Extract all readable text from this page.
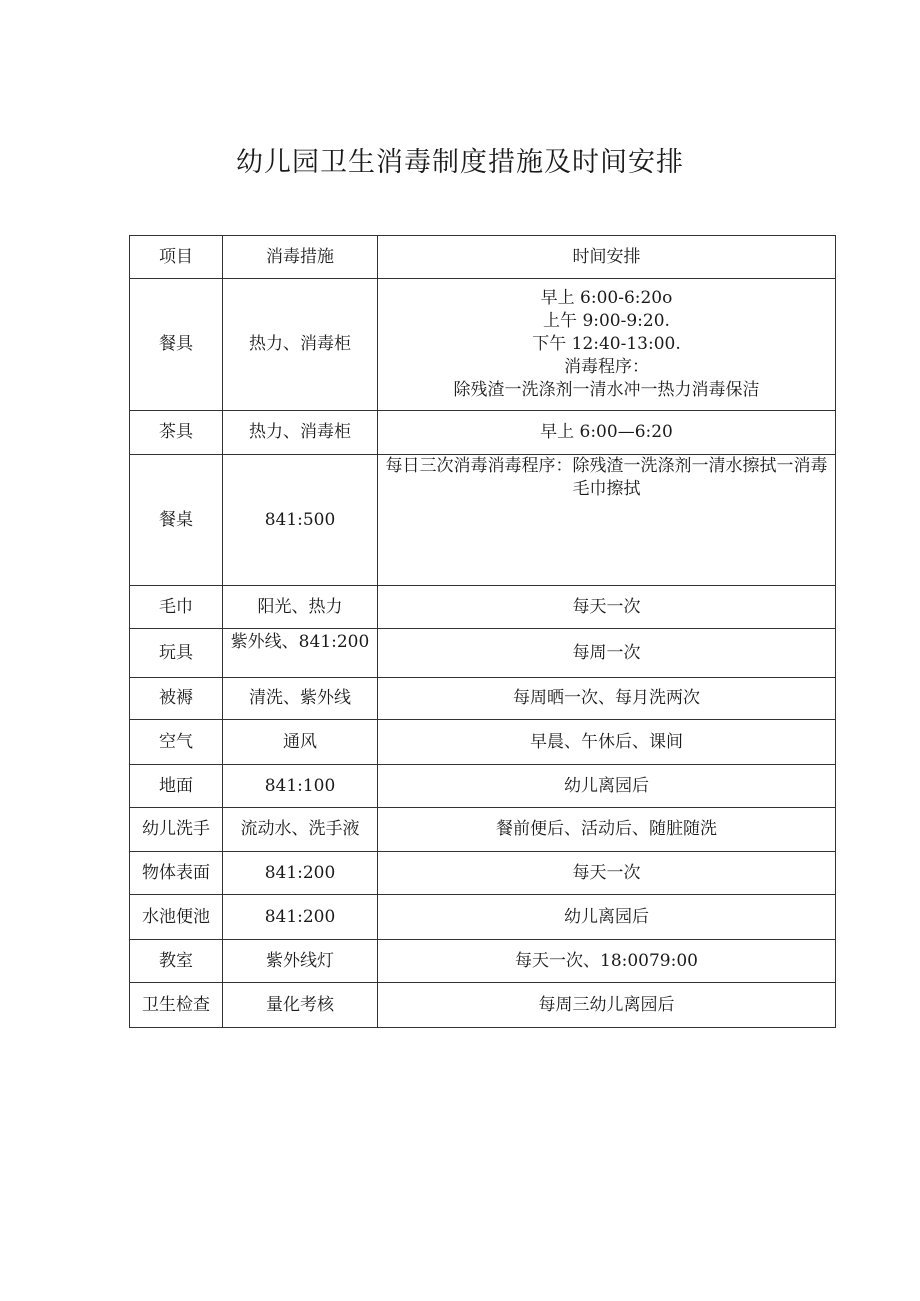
幼儿园卫生消毒制度措施及时间安排
项目	消毒措施	时间安排
餐具	热力、消毒柜	早上 6:00-6:20o
上午 9:00-9:20.
下午 12:40-13:00.
消毒程序：
除残渣一洗涤剂一清水冲一热力消毒保洁

茶具	热力、消毒柜	早上 6:00—6:20
餐桌	841:500	每日三次消毒消毒程序：除残渣一洗涤剂一清水擦拭一消毒毛巾擦拭
毛巾	阳光、热力	每天一次
玩具	紫外线、841:200	每周一次
被褥	清洗、紫外线	每周晒一次、每月洗两次
空气	通风	早晨、午休后、课间
地面	841:100	幼儿离园后
幼儿洗手	流动水、洗手液	餐前便后、活动后、随脏随洗
物体表面	841:200	每天一次
水池便池	841:200	幼儿离园后
教室	紫外线灯	每天一次、18:0079:00
卫生检查	量化考核	每周三幼儿离园后
